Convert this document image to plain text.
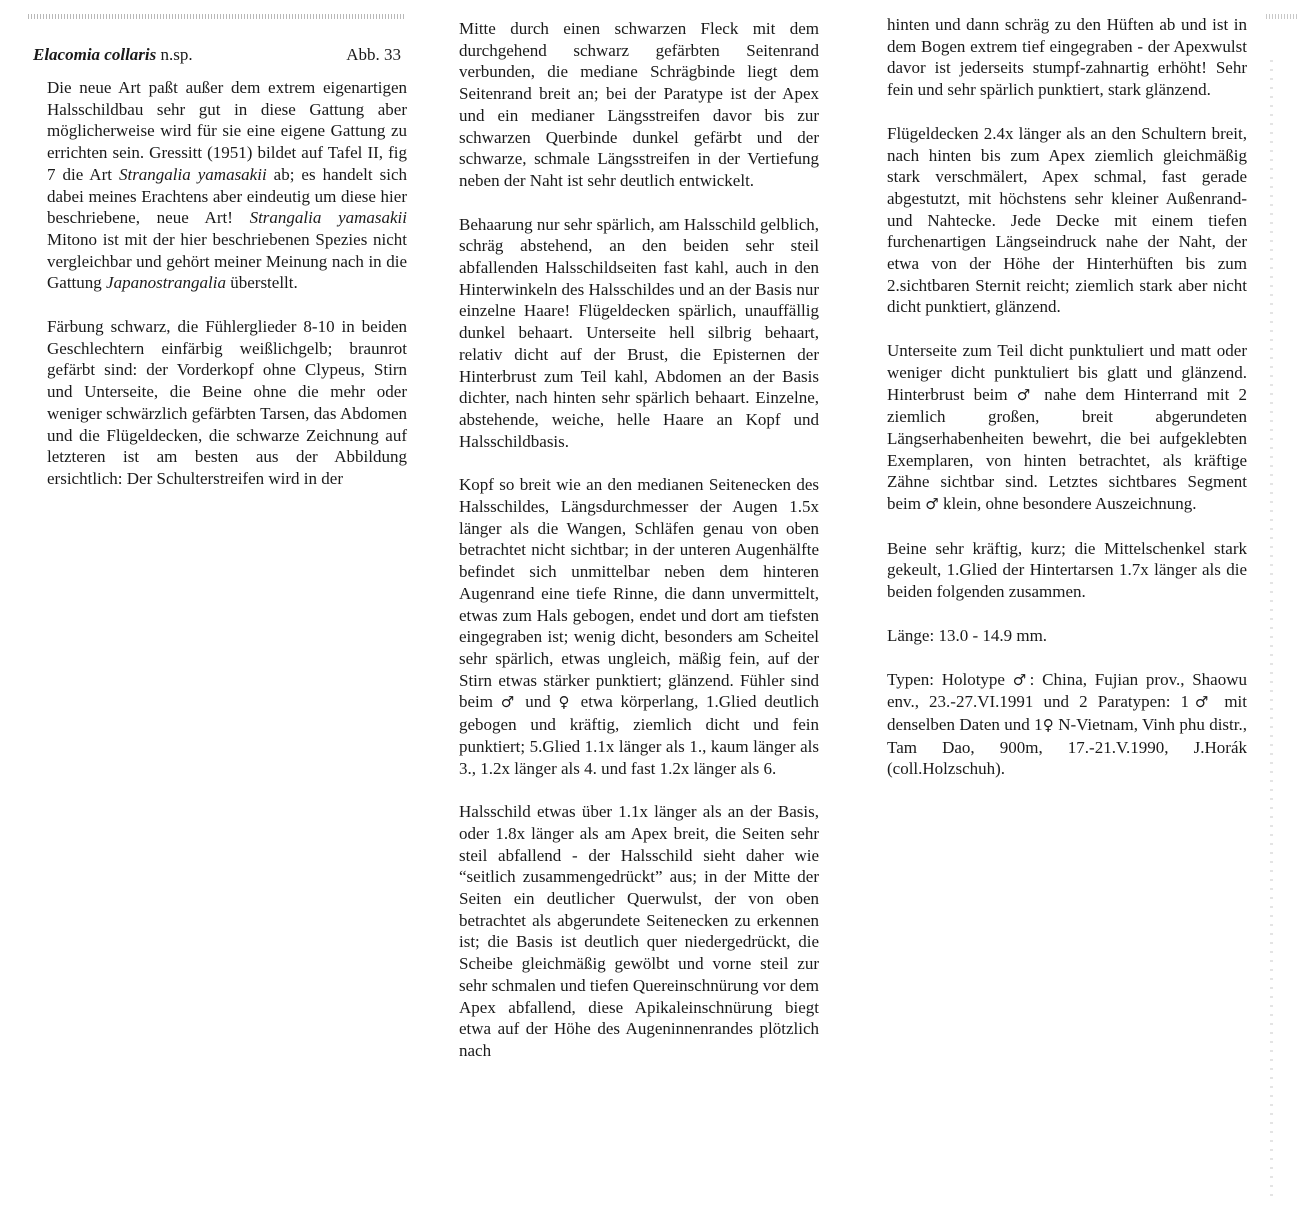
Elacomia collaris n.sp.	Abb. 33

Die neue Art paßt außer dem extrem eigenartigen Halsschildbau sehr gut in diese Gattung aber möglicherweise wird für sie eine eigene Gattung zu errichten sein. Gressitt (1951) bildet auf Tafel II, fig 7 die Art Strangalia yamasakii ab; es handelt sich dabei meines Erachtens aber eindeutig um diese hier beschriebene, neue Art! Strangalia yamasakii Mitono ist mit der hier beschriebenen Spezies nicht vergleichbar und gehört meiner Meinung nach in die Gattung Japanostrangalia überstellt.

Färbung schwarz, die Fühlerglieder 8-10 in beiden Geschlechtern einfärbig weißlichgelb; braunrot gefärbt sind: der Vorderkopf ohne Clypeus, Stirn und Unterseite, die Beine ohne die mehr oder weniger schwärzlich gefärbten Tarsen, das Abdomen und die Flügeldecken, die schwarze Zeichnung auf letzteren ist am besten aus der Abbildung ersichtlich: Der Schulterstreifen wird in der

Mitte durch einen schwarzen Fleck mit dem durchgehend schwarz gefärbten Seitenrand verbunden, die mediane Schrägbinde liegt dem Seitenrand breit an; bei der Paratype ist der Apex und ein medianer Längsstreifen davor bis zur schwarzen Querbinde dunkel gefärbt und der schwarze, schmale Längsstreifen in der Vertiefung neben der Naht ist sehr deutlich entwickelt.

Behaarung nur sehr spärlich, am Halsschild gelblich, schräg abstehend, an den beiden sehr steil abfallenden Halsschildseiten fast kahl, auch in den Hinterwinkeln des Halsschildes und an der Basis nur einzelne Haare! Flügeldecken spärlich, unauffällig dunkel behaart. Unterseite hell silbrig behaart, relativ dicht auf der Brust, die Episternen der Hinterbrust zum Teil kahl, Abdomen an der Basis dichter, nach hinten sehr spärlich behaart. Einzelne, abstehende, weiche, helle Haare an Kopf und Halsschildbasis.

Kopf so breit wie an den medianen Seitenecken des Halsschildes, Längsdurchmesser der Augen 1.5x länger als die Wangen, Schläfen genau von oben betrachtet nicht sichtbar; in der unteren Augenhälfte befindet sich unmittelbar neben dem hinteren Augenrand eine tiefe Rinne, die dann unvermittelt, etwas zum Hals gebogen, endet und dort am tiefsten eingegraben ist; wenig dicht, besonders am Scheitel sehr spärlich, etwas ungleich, mäßig fein, auf der Stirn etwas stärker punktiert; glänzend. Fühler sind beim ♂ und ♀ etwa körperlang, 1.Glied deutlich gebogen und kräftig, ziemlich dicht und fein punktiert; 5.Glied 1.1x länger als 1., kaum länger als 3., 1.2x länger als 4. und fast 1.2x länger als 6.

Halsschild etwas über 1.1x länger als an der Basis, oder 1.8x länger als am Apex breit, die Seiten sehr steil abfallend - der Halsschild sieht daher wie “seitlich zusammengedrückt” aus; in der Mitte der Seiten ein deutlicher Querwulst, der von oben betrachtet als abgerundete Seitenecken zu erkennen ist; die Basis ist deutlich quer niedergedrückt, die Scheibe gleichmäßig gewölbt und vorne steil zur sehr schmalen und tiefen Quereinschnürung vor dem Apex abfallend, diese Apikaleinschnürung biegt etwa auf der Höhe des Augeninnenrandes plötzlich nach

hinten und dann schräg zu den Hüften ab und ist in dem Bogen extrem tief eingegraben - der Apexwulst davor ist jederseits stumpf-zahnartig erhöht! Sehr fein und sehr spärlich punktiert, stark glänzend.

Flügeldecken 2.4x länger als an den Schultern breit, nach hinten bis zum Apex ziemlich gleichmäßig stark verschmälert, Apex schmal, fast gerade abgestutzt, mit höchstens sehr kleiner Außenrand- und Nahtecke. Jede Decke mit einem tiefen furchenartigen Längseindruck nahe der Naht, der etwa von der Höhe der Hinterhüften bis zum 2.sichtbaren Sternit reicht; ziemlich stark aber nicht dicht punktiert, glänzend.

Unterseite zum Teil dicht punktuliert und matt oder weniger dicht punktuliert bis glatt und glänzend. Hinterbrust beim ♂ nahe dem Hinterrand mit 2 ziemlich großen, breit abgerundeten Längserhabenheiten bewehrt, die bei aufgeklebten Exemplaren, von hinten betrachtet, als kräftige Zähne sichtbar sind. Letztes sichtbares Segment beim ♂ klein, ohne besondere Auszeichnung.

Beine sehr kräftig, kurz; die Mittelschenkel stark gekeult, 1.Glied der Hintertarsen 1.7x länger als die beiden folgenden zusammen.

Länge: 13.0 - 14.9 mm.

Typen: Holotype ♂: China, Fujian prov., Shaowu env., 23.-27.VI.1991 und 2 Paratypen: 1♂ mit denselben Daten und 1♀ N-Vietnam, Vinh phu distr., Tam Dao, 900m, 17.-21.V.1990, J.Horák (coll.Holzschuh).
